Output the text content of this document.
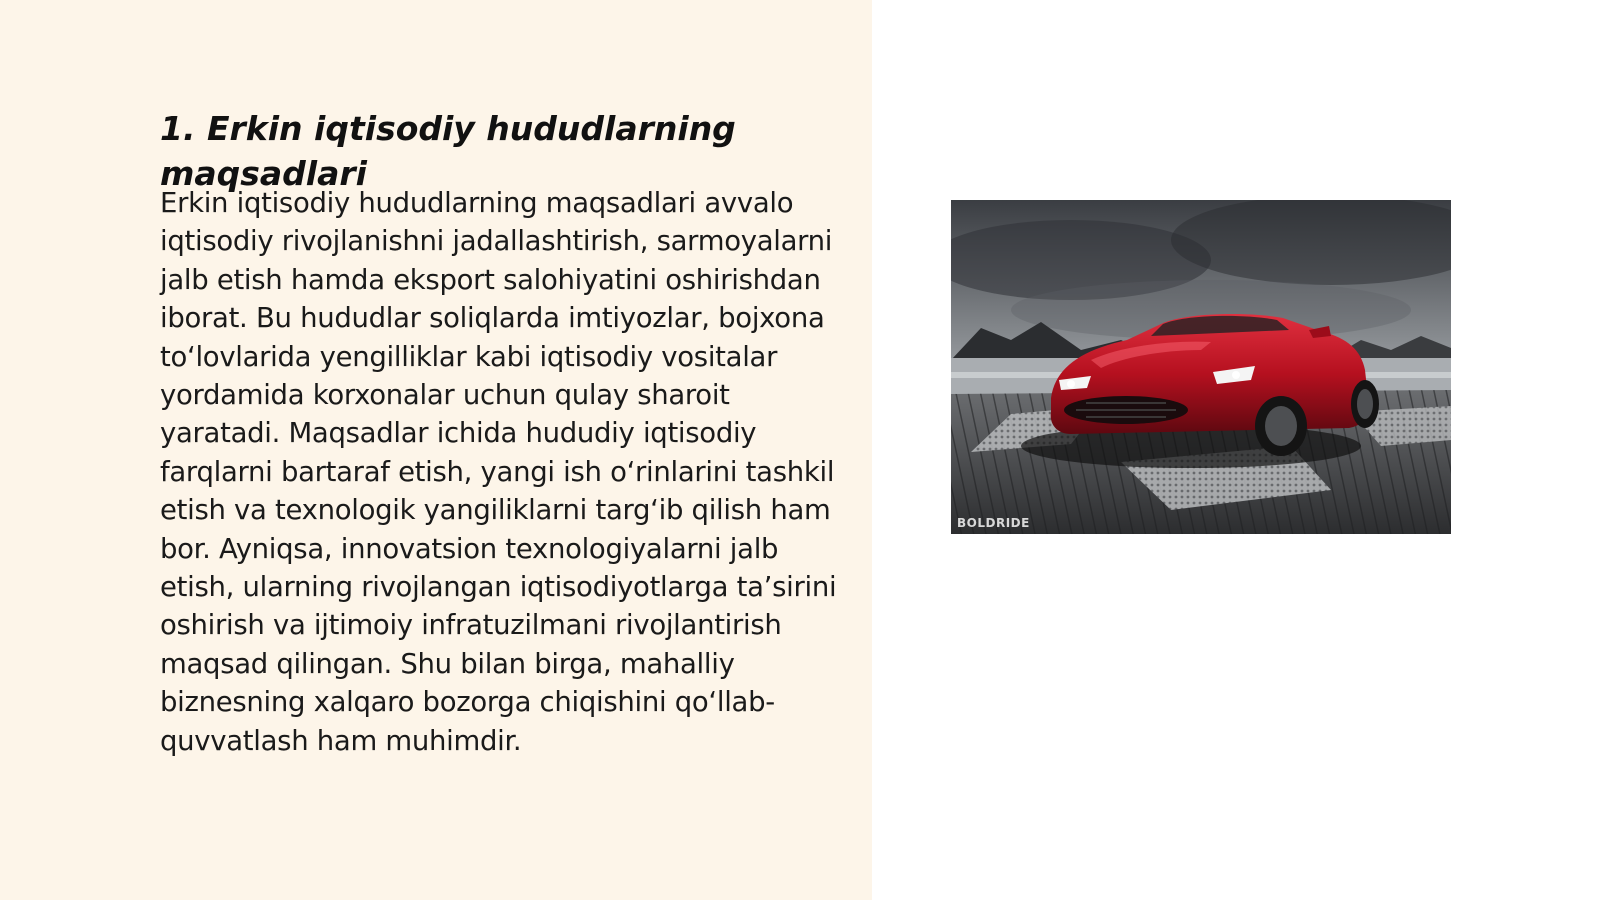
1. Erkin iqtisodiy hududlarning maqsadlari

Erkin iqtisodiy hududlarning maqsadlari avvalo iqtisodiy rivojlanishni jadallashtirish, sarmoyalarni jalb etish hamda eksport salohiyatini oshirishdan iborat. Bu hududlar soliqlarda imtiyozlar, bojxona to‘lovlarida yengilliklar kabi iqtisodiy vositalar yordamida korxonalar uchun qulay sharoit yaratadi. Maqsadlar ichida hududiy iqtisodiy farqlarni bartaraf etish, yangi ish o‘rinlarini tashkil etish va texnologik yangiliklarni targ‘ib qilish ham bor. Ayniqsa, innovatsion texnologiyalarni jalb etish, ularning rivojlangan iqtisodiyotlarga ta’sirini oshirish va ijtimoiy infratuzilmani rivojlantirish maqsad qilingan. Shu bilan birga, mahalliy biznesning xalqaro bozorga chiqishini qo‘llab-quvvatlash ham muhimdir.

BOLDRIDE
